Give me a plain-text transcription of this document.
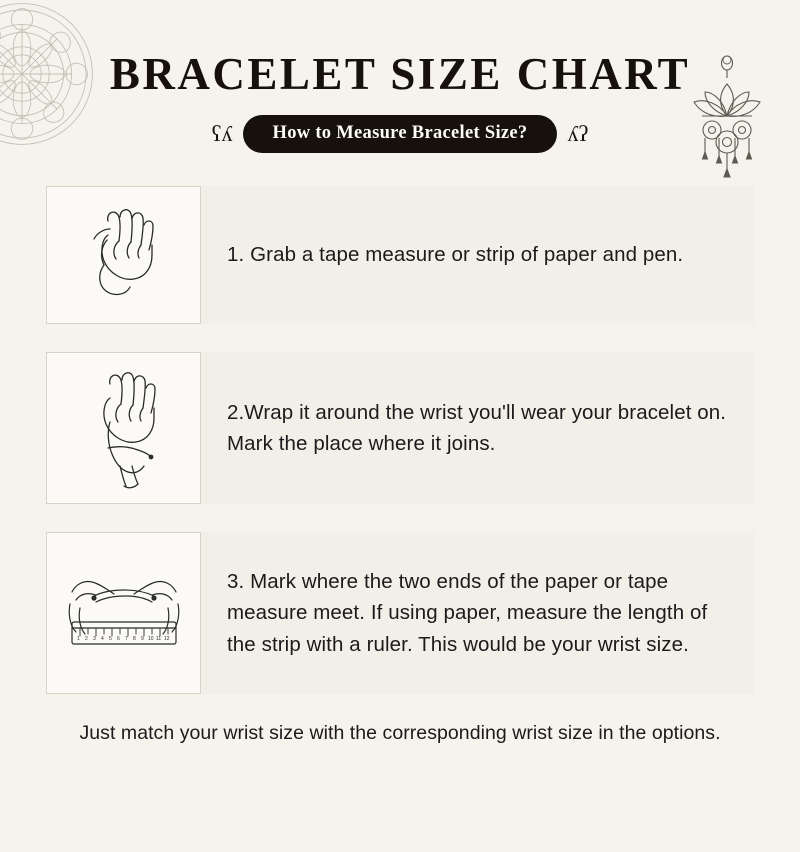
BRACELET SIZE CHART
ʕʎ	How to Measure Bracelet Size?	ʎʔ
1. Grab a tape measure or strip of paper and pen.
2.Wrap it around the wrist you'll wear your bracelet on. Mark the place where it joins.
1 2 3 4 5 6 7 8 9 10 11 12
3. Mark where the two ends of the paper or tape measure meet. If using paper, measure the length of the strip with a ruler. This would be your wrist size.
Just match your wrist size with the corresponding wrist size in the options.
